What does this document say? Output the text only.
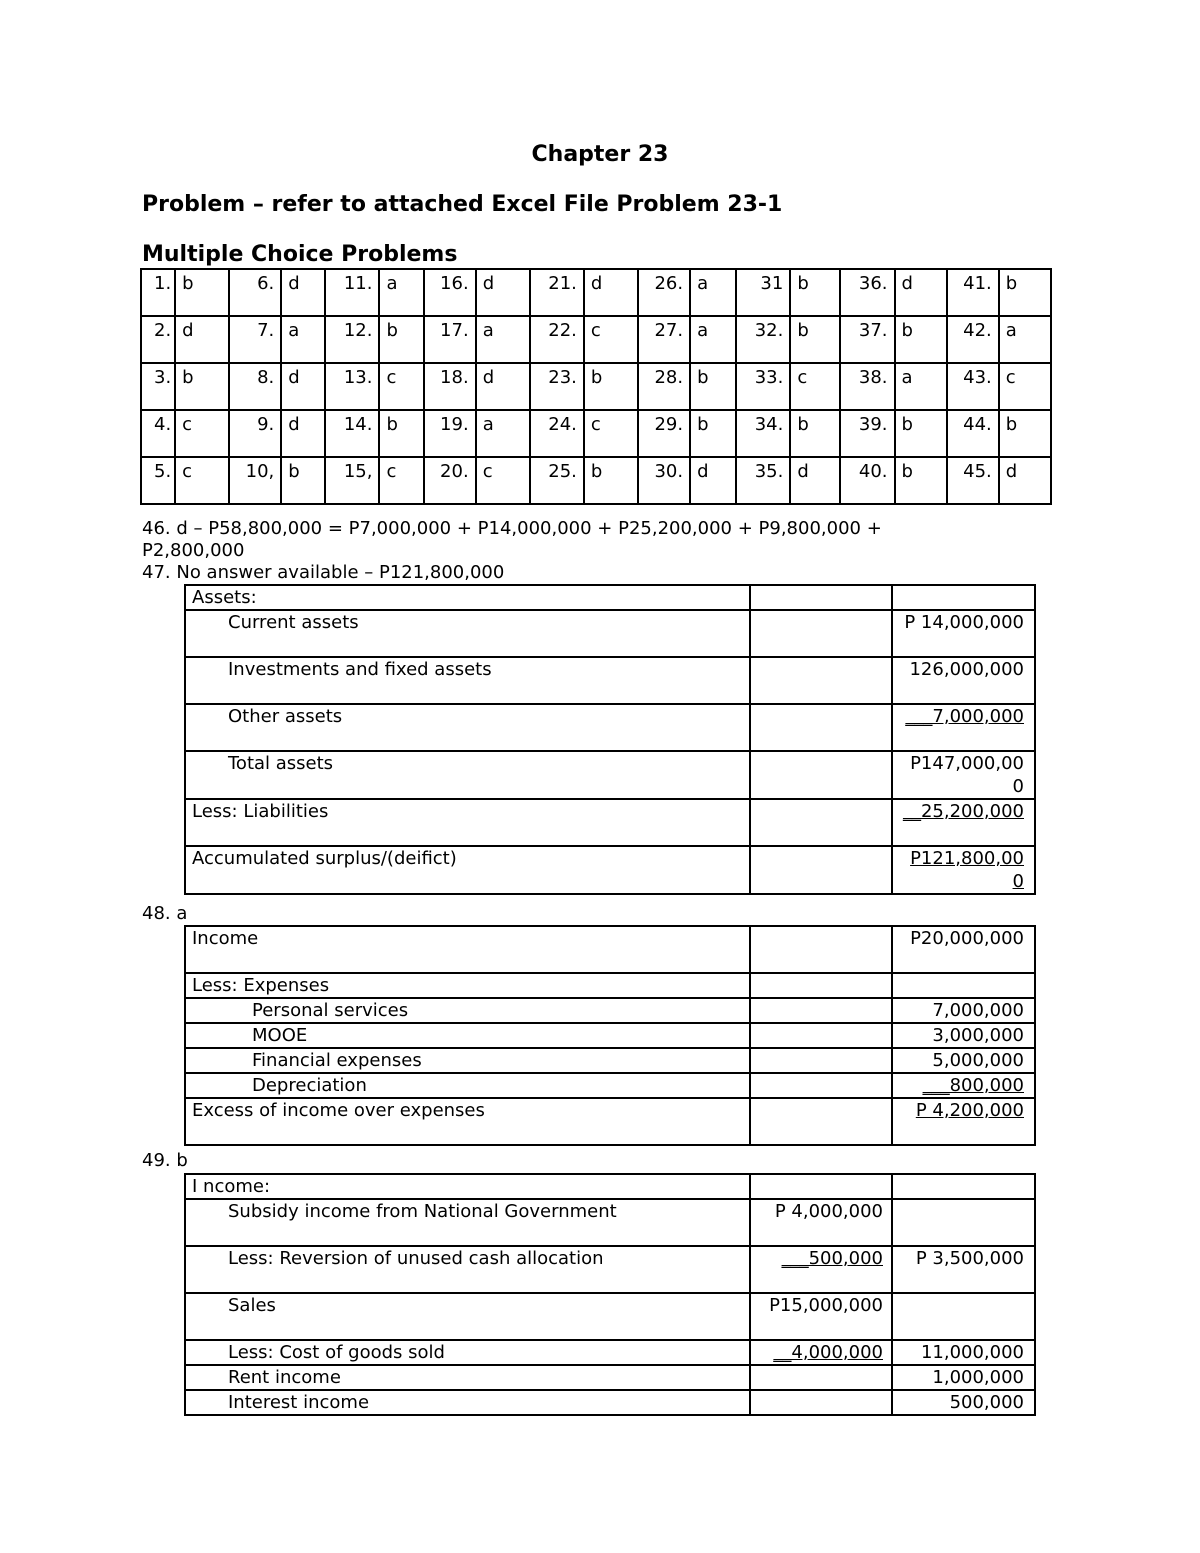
Chapter 23
Problem – refer to attached Excel File Problem 23-1
Multiple Choice Problems
1.	b	6.	d	11.	a	16.	d	21.	d	26.	a	31	b	36.	d	41.	b
2.	d	7.	a	12.	b	17.	a	22.	c	27.	a	32.	b	37.	b	42.	a
3.	b	8.	d	13.	c	18.	d	23.	b	28.	b	33.	c	38.	a	43.	c
4.	c	9.	d	14.	b	19.	a	24.	c	29.	b	34.	b	39.	b	44.	b
5.	c	10,	b	15,	c	20.	c	25.	b	30.	d	35.	d	40.	b	45.	d
46. d – P58,800,000 = P7,000,000 + P14,000,000 + P25,200,000 + P9,800,000 +
P2,800,000
47. No answer available – P121,800,000
Assets:		
Current assets		P 14,000,000
Investments and fixed assets		126,000,000
Other assets		___7,000,000
Total assets		P147,000,000
Less: Liabilities		__25,200,000
Accumulated surplus/(deifict)		P121,800,000
48. a
Income		P20,000,000
Less: Expenses		
Personal services		7,000,000
MOOE		3,000,000
Financial expenses		5,000,000
Depreciation		___800,000
Excess of income over expenses		P 4,200,000
49. b
I ncome:		
Subsidy income from National Government	P 4,000,000	
Less: Reversion of unused cash allocation	___500,000	P 3,500,000
Sales	P15,000,000	
Less: Cost of goods sold	__4,000,000	11,000,000
Rent income		1,000,000
Interest income		500,000
